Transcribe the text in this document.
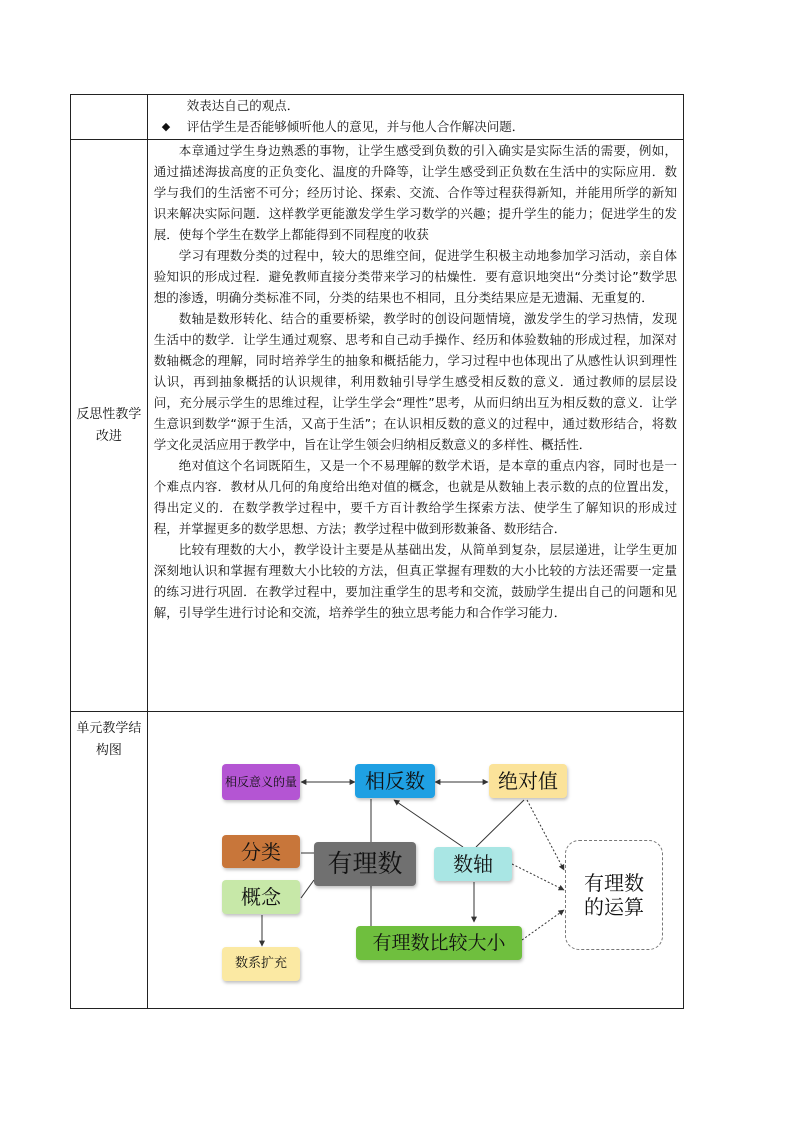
	效表达自己的观点．
◆ 评估学生是否能够倾听他人的意见，并与他人合作解决问题．

反思性教学改进	本章通过学生身边熟悉的事物，让学生感受到负数的引入确实是实际生活的需要，例如，通过描述海拔高度的正负变化、温度的升降等，让学生感受到正负数在生活中的实际应用．数学与我们的生活密不可分；经历讨论、探索、交流、合作等过程获得新知，并能用所学的新知识来解决实际问题．这样教学更能激发学生学习数学的兴趣；提升学生的能力；促进学生的发展．使每个学生在数学上都能得到不同程度的收获

学习有理数分类的过程中，较大的思维空间，促进学生积极主动地参加学习活动，亲自体验知识的形成过程．避免教师直接分类带来学习的枯燥性．要有意识地突出“分类讨论”数学思想的渗透，明确分类标准不同，分类的结果也不相同，且分类结果应是无遗漏、无重复的．

数轴是数形转化、结合的重要桥梁，教学时的创设问题情境，激发学生的学习热情，发现生活中的数学．让学生通过观察、思考和自己动手操作、经历和体验数轴的形成过程，加深对数轴概念的理解，同时培养学生的抽象和概括能力，学习过程中也体现出了从感性认识到理性认识，再到抽象概括的认识规律，利用数轴引导学生感受相反数的意义．通过教师的层层设问，充分展示学生的思维过程，让学生学会“理性”思考，从而归纳出互为相反数的意义．让学生意识到数学“源于生活，又高于生活”；在认识相反数的意义的过程中，通过数形结合，将数学文化灵活应用于教学中，旨在让学生领会归纳相反数意义的多样性、概括性．

绝对值这个名词既陌生，又是一个不易理解的数学术语，是本章的重点内容，同时也是一个难点内容．教材从几何的角度给出绝对值的概念，也就是从数轴上表示数的点的位置出发，得出定义的．在数学教学过程中，要千方百计教给学生探索方法、使学生了解知识的形成过程，并掌握更多的数学思想、方法；教学过程中做到形数兼备、数形结合．

比较有理数的大小，教学设计主要是从基础出发，从简单到复杂，层层递进，让学生更加深刻地认识和掌握有理数大小比较的方法，但真正掌握有理数的大小比较的方法还需要一定量的练习进行巩固．在教学过程中，要加注重学生的思考和交流，鼓励学生提出自己的问题和见解，引导学生进行讨论和交流，培养学生的独立思考能力和合作学习能力．

单元教学结构图	

相反意义的量	相反数	绝对值
分类 有理数	数轴
概念
有理数的运算
有理数比较大小
数系扩充
